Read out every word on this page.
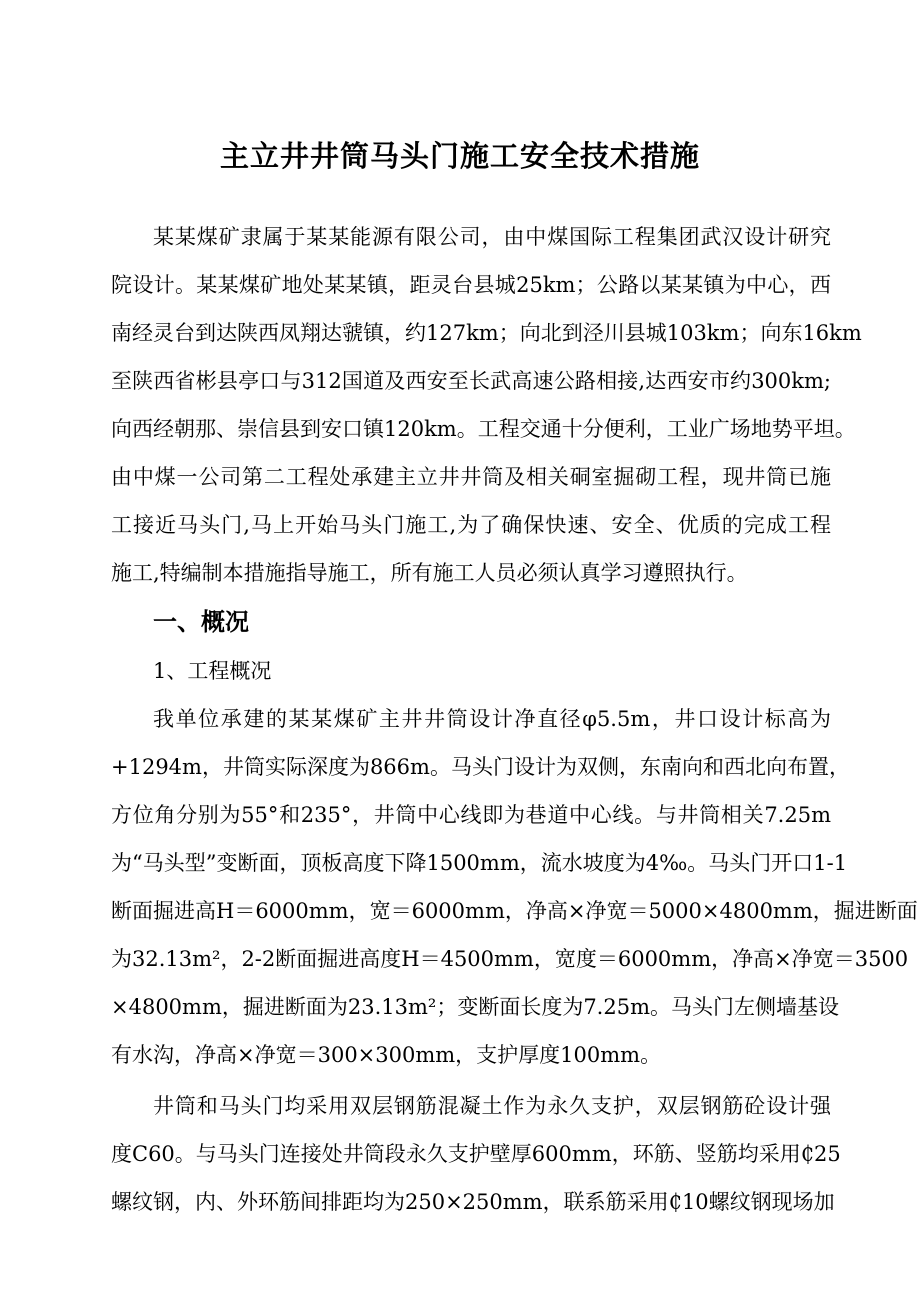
主立井井筒马头门施工安全技术措施
某某煤矿隶属于某某能源有限公司，由中煤国际工程集团武汉设计研究
院设计。某某煤矿地处某某镇，距灵台县城25km；公路以某某镇为中心，西
南经灵台到达陕西凤翔达虢镇，约127km；向北到泾川县城103km；向东16km
至陕西省彬县亭口与312国道及西安至长武高速公路相接,达西安市约300km;
向西经朝那、崇信县到安口镇120km。工程交通十分便利，工业广场地势平坦。
由中煤一公司第二工程处承建主立井井筒及相关硐室掘砌工程，现井筒已施
工接近马头门,马上开始马头门施工,为了确保快速、安全、优质的完成工程
施工,特编制本措施指导施工，所有施工人员必须认真学习遵照执行。
一、概况
1、工程概况
我单位承建的某某煤矿主井井筒设计净直径φ5.5m，井口设计标高为
+1294m，井筒实际深度为866m。马头门设计为双侧，东南向和西北向布置，
方位角分别为55°和235°，井筒中心线即为巷道中心线。与井筒相关7.25m
为“马头型”变断面，顶板高度下降1500mm，流水坡度为4‰。马头门开口1-1
断面掘进高H＝6000mm，宽＝6000mm，净高×净宽＝5000×4800mm，掘进断面
为32.13m²，2-2断面掘进高度H＝4500mm，宽度＝6000mm，净高×净宽＝3500
×4800mm，掘进断面为23.13m²；变断面长度为7.25m。马头门左侧墙基设
有水沟，净高×净宽＝300×300mm，支护厚度100mm。
井筒和马头门均采用双层钢筋混凝土作为永久支护，双层钢筋砼设计强
度C60。与马头门连接处井筒段永久支护壁厚600mm，环筋、竖筋均采用₵25
螺纹钢，内、外环筋间排距均为250×250mm，联系筋采用₵10螺纹钢现场加
